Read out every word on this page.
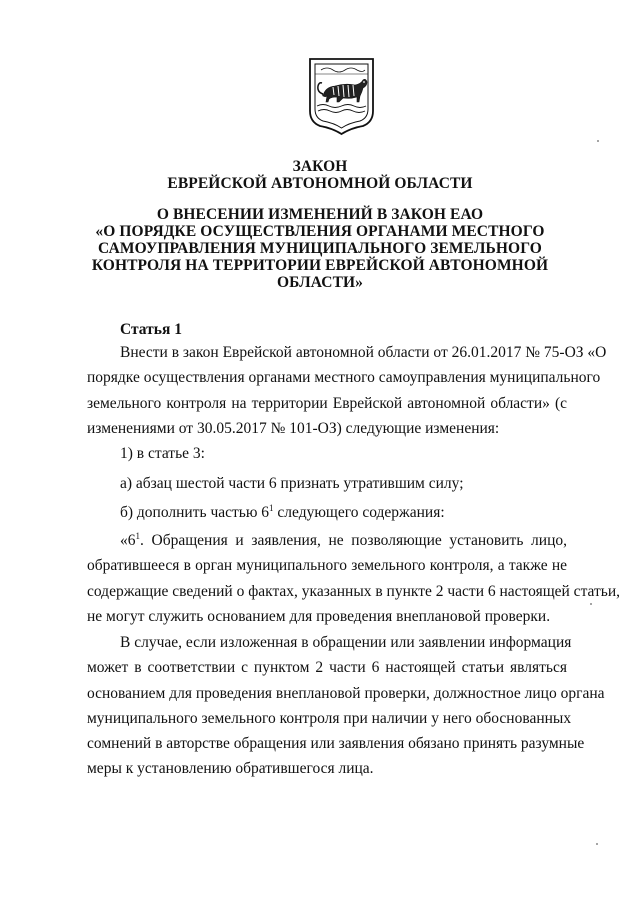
ЗАКОН
ЕВРЕЙСКОЙ АВТОНОМНОЙ ОБЛАСТИ
О ВНЕСЕНИИ ИЗМЕНЕНИЙ В ЗАКОН ЕАО
«О ПОРЯДКЕ ОСУЩЕСТВЛЕНИЯ ОРГАНАМИ МЕСТНОГО
САМОУПРАВЛЕНИЯ МУНИЦИПАЛЬНОГО ЗЕМЕЛЬНОГО
КОНТРОЛЯ НА ТЕРРИТОРИИ ЕВРЕЙСКОЙ АВТОНОМНОЙ
ОБЛАСТИ»
Статья 1
Внести в закон Еврейской автономной области от 26.01.2017 № 75-ОЗ «О
порядке осуществления органами местного самоуправления муниципального
земельного контроля на территории Еврейской автономной области» (с
изменениями от 30.05.2017 № 101-ОЗ) следующие изменения:
1) в статье 3:
а) абзац шестой части 6 признать утратившим силу;
б) дополнить частью $6^1$ следующего содержания:
«$6^1$. Обращения и заявления, не позволяющие установить лицо,
обратившееся в орган муниципального земельного контроля, а также не
содержащие сведений о фактах, указанных в пункте 2 части 6 настоящей статьи,
не могут служить основанием для проведения внеплановой проверки.
В случае, если изложенная в обращении или заявлении информация
может в соответствии с пунктом 2 части 6 настоящей статьи являться
основанием для проведения внеплановой проверки, должностное лицо органа
муниципального земельного контроля при наличии у него обоснованных
сомнений в авторстве обращения или заявления обязано принять разумные
меры к установлению обратившегося лица.
